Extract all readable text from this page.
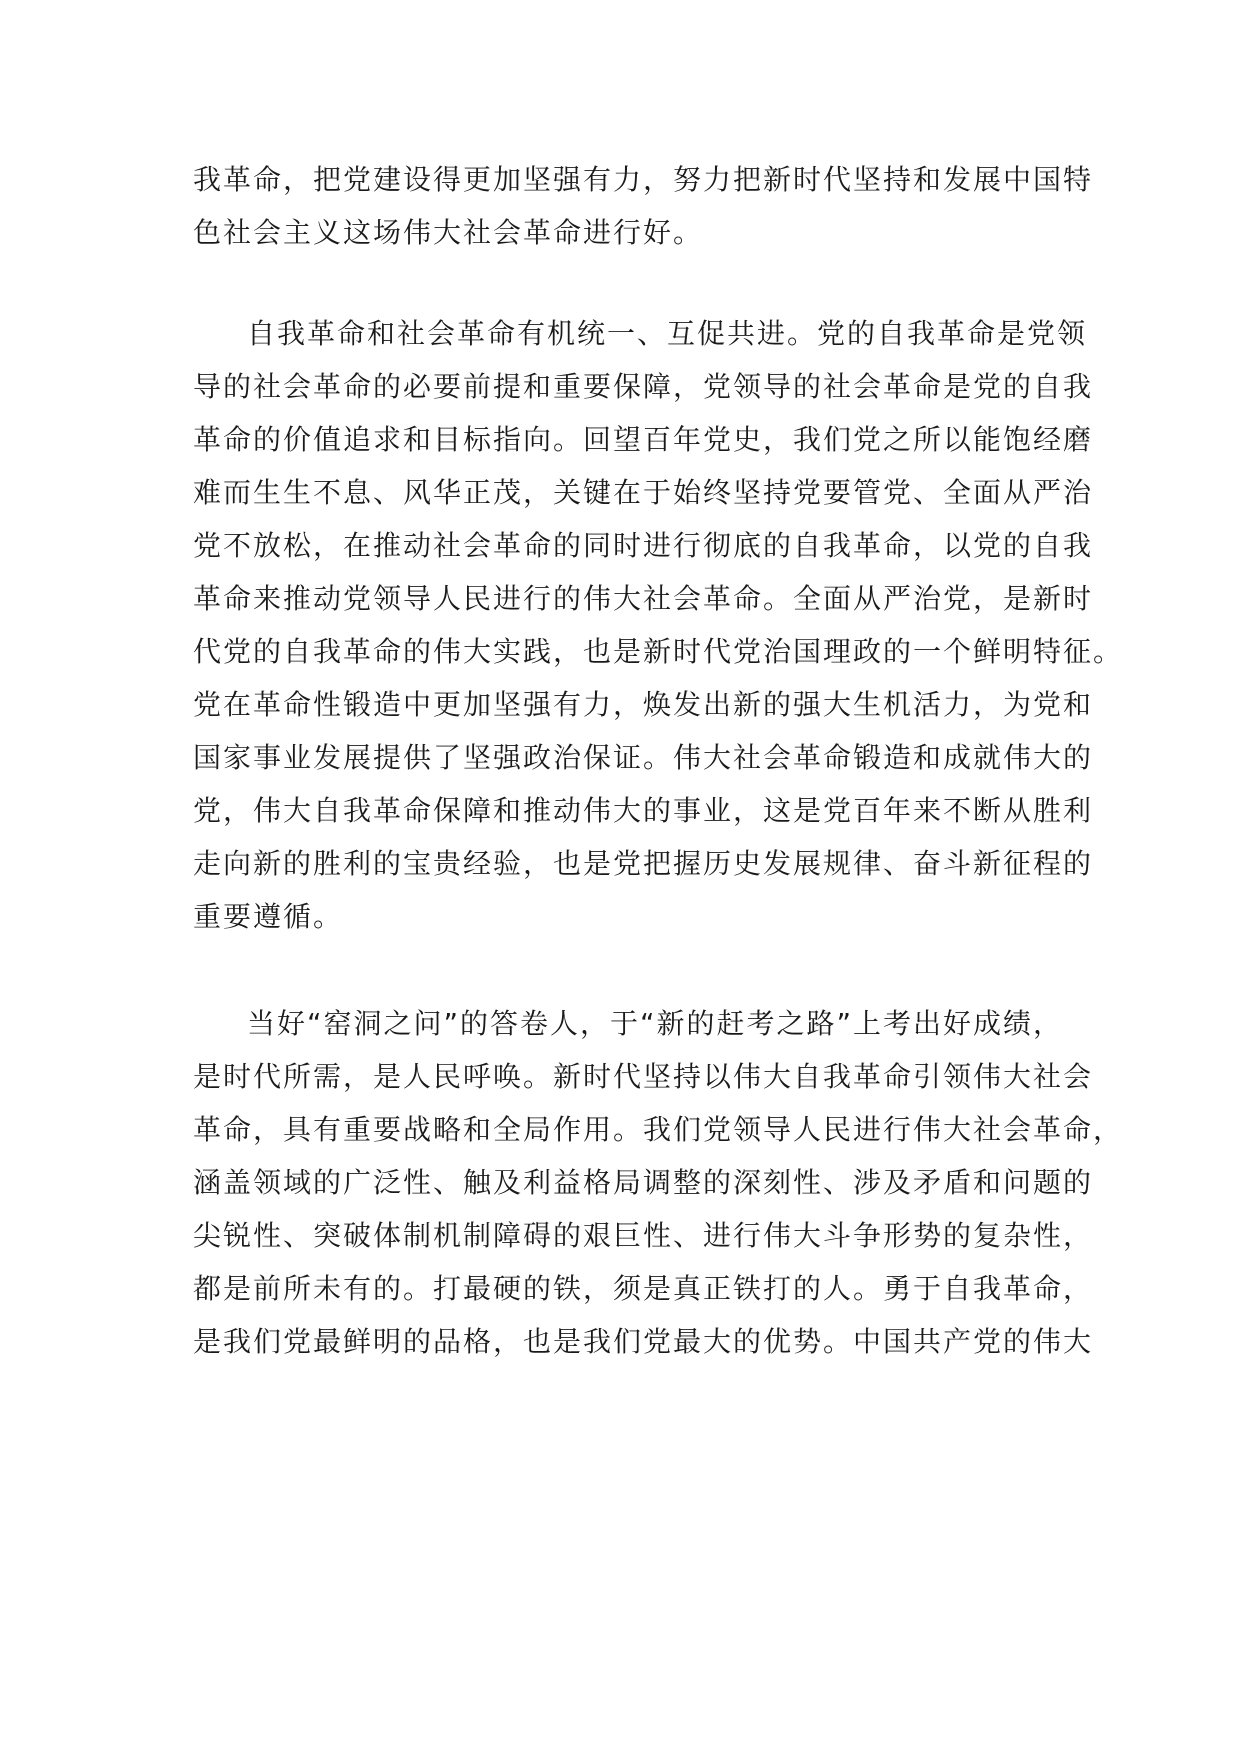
我革命，把党建设得更加坚强有力，努力把新时代坚持和发展中国特
色社会主义这场伟大社会革命进行好。
自我革命和社会革命有机统一、互促共进。党的自我革命是党领
导的社会革命的必要前提和重要保障，党领导的社会革命是党的自我
革命的价值追求和目标指向。回望百年党史，我们党之所以能饱经磨
难而生生不息、风华正茂，关键在于始终坚持党要管党、全面从严治
党不放松，在推动社会革命的同时进行彻底的自我革命，以党的自我
革命来推动党领导人民进行的伟大社会革命。全面从严治党，是新时
代党的自我革命的伟大实践，也是新时代党治国理政的一个鲜明特征。
党在革命性锻造中更加坚强有力，焕发出新的强大生机活力，为党和
国家事业发展提供了坚强政治保证。伟大社会革命锻造和成就伟大的
党，伟大自我革命保障和推动伟大的事业，这是党百年来不断从胜利
走向新的胜利的宝贵经验，也是党把握历史发展规律、奋斗新征程的
重要遵循。
当好“窑洞之问”的答卷人，于“新的赶考之路”上考出好成绩，
是时代所需，是人民呼唤。新时代坚持以伟大自我革命引领伟大社会
革命，具有重要战略和全局作用。我们党领导人民进行伟大社会革命，
涵盖领域的广泛性、触及利益格局调整的深刻性、涉及矛盾和问题的
尖锐性、突破体制机制障碍的艰巨性、进行伟大斗争形势的复杂性，
都是前所未有的。打最硬的铁，须是真正铁打的人。勇于自我革命，
是我们党最鲜明的品格，也是我们党最大的优势。中国共产党的伟大
